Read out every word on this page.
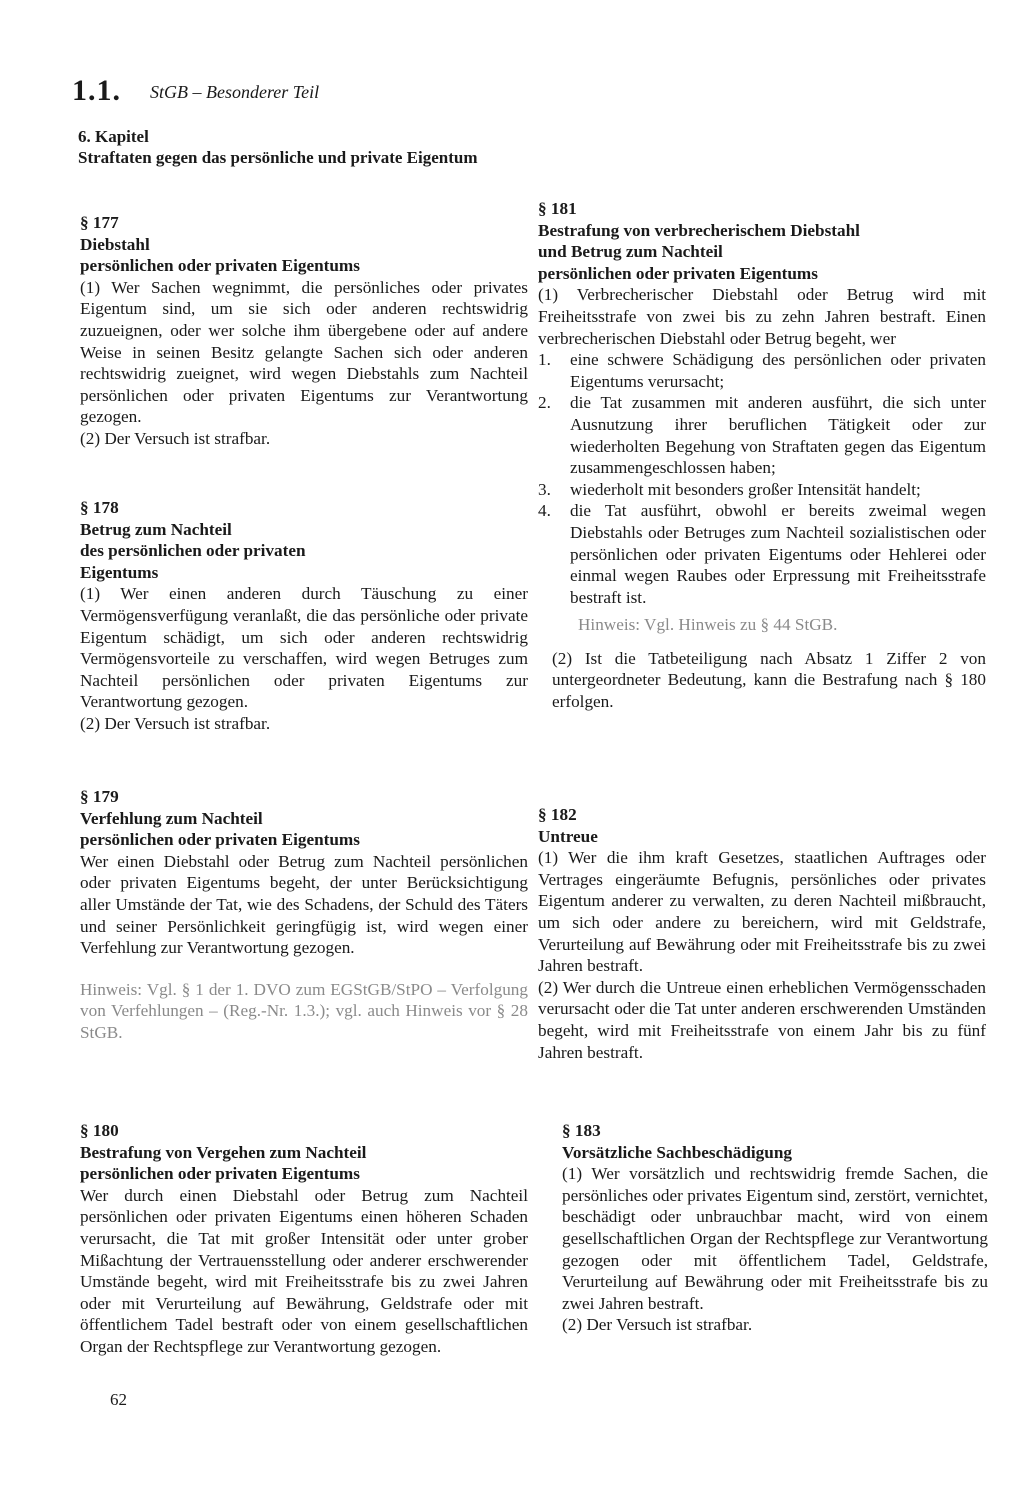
1.1. StGB – Besonderer Teil
6. Kapitel
Straftaten gegen das persönliche und private Eigentum
§ 177
Diebstahl
persönlichen oder privaten Eigentums
(1) Wer Sachen wegnimmt, die persönliches oder privates Eigentum sind, um sie sich oder anderen rechtswidrig zuzueignen, oder wer solche ihm übergebene oder auf andere Weise in seinen Besitz gelangte Sachen sich oder anderen rechtswidrig zueignet, wird wegen Diebstahls zum Nachteil persönlichen oder privaten Eigentums zur Verantwortung gezogen.
(2) Der Versuch ist strafbar.
§ 178
Betrug zum Nachteil
des persönlichen oder privaten
Eigentums
(1) Wer einen anderen durch Täuschung zu einer Vermögensverfügung veranlaßt, die das persönliche oder private Eigentum schädigt, um sich oder anderen rechtswidrig Vermögensvorteile zu verschaffen, wird wegen Betruges zum Nachteil persönlichen oder privaten Eigentums zur Verantwortung gezogen.
(2) Der Versuch ist strafbar.
§ 179
Verfehlung zum Nachteil
persönlichen oder privaten Eigentums
Wer einen Diebstahl oder Betrug zum Nachteil persönlichen oder privaten Eigentums begeht, der unter Berücksichtigung aller Umstände der Tat, wie des Schadens, der Schuld des Täters und seiner Persönlichkeit geringfügig ist, wird wegen einer Verfehlung zur Verantwortung gezogen.
Hinweis: Vgl. § 1 der 1. DVO zum EGStGB/StPO – Verfolgung von Verfehlungen – (Reg.-Nr. 1.3.); vgl. auch Hinweis vor § 28 StGB.
§ 180
Bestrafung von Vergehen zum Nachteil
persönlichen oder privaten Eigentums
Wer durch einen Diebstahl oder Betrug zum Nachteil persönlichen oder privaten Eigentums einen höheren Schaden verursacht, die Tat mit großer Intensität oder unter grober Mißachtung der Vertrauensstellung oder anderer erschwerender Umstände begeht, wird mit Freiheitsstrafe bis zu zwei Jahren oder mit Verurteilung auf Bewährung, Geldstrafe oder mit öffentlichem Tadel bestraft oder von einem gesellschaftlichen Organ der Rechtspflege zur Verantwortung gezogen.
§ 181
Bestrafung von verbrecherischem Diebstahl
und Betrug zum Nachteil
persönlichen oder privaten Eigentums
(1) Verbrecherischer Diebstahl oder Betrug wird mit Freiheitsstrafe von zwei bis zu zehn Jahren bestraft. Einen verbrecherischen Diebstahl oder Betrug begeht, wer
1.	eine schwere Schädigung des persönlichen oder privaten Eigentums verursacht;
2.	die Tat zusammen mit anderen ausführt, die sich unter Ausnutzung ihrer beruflichen Tätigkeit oder zur wiederholten Begehung von Straftaten gegen das Eigentum zusammengeschlossen haben;
3.	wiederholt mit besonders großer Intensität handelt;
4.	die Tat ausführt, obwohl er bereits zweimal wegen Diebstahls oder Betruges zum Nachteil sozialistischen oder persönlichen oder privaten Eigentums oder Hehlerei oder einmal wegen Raubes oder Erpressung mit Freiheitsstrafe bestraft ist.
Hinweis: Vgl. Hinweis zu § 44 StGB.
(2) Ist die Tatbeteiligung nach Absatz 1 Ziffer 2 von untergeordneter Bedeutung, kann die Bestrafung nach § 180 erfolgen.
§ 182
Untreue
(1) Wer die ihm kraft Gesetzes, staatlichen Auftrages oder Vertrages eingeräumte Befugnis, persönliches oder privates Eigentum anderer zu verwalten, zu deren Nachteil mißbraucht, um sich oder andere zu bereichern, wird mit Geldstrafe, Verurteilung auf Bewährung oder mit Freiheitsstrafe bis zu zwei Jahren bestraft.
(2) Wer durch die Untreue einen erheblichen Vermögensschaden verursacht oder die Tat unter anderen erschwerenden Umständen begeht, wird mit Freiheitsstrafe von einem Jahr bis zu fünf Jahren bestraft.
§ 183
Vorsätzliche Sachbeschädigung
(1) Wer vorsätzlich und rechtswidrig fremde Sachen, die persönliches oder privates Eigentum sind, zerstört, vernichtet, beschädigt oder unbrauchbar macht, wird von einem gesellschaftlichen Organ der Rechtspflege zur Verantwortung gezogen oder mit öffentlichem Tadel, Geldstrafe, Verurteilung auf Bewährung oder mit Freiheitsstrafe bis zu zwei Jahren bestraft.
(2) Der Versuch ist strafbar.
62
